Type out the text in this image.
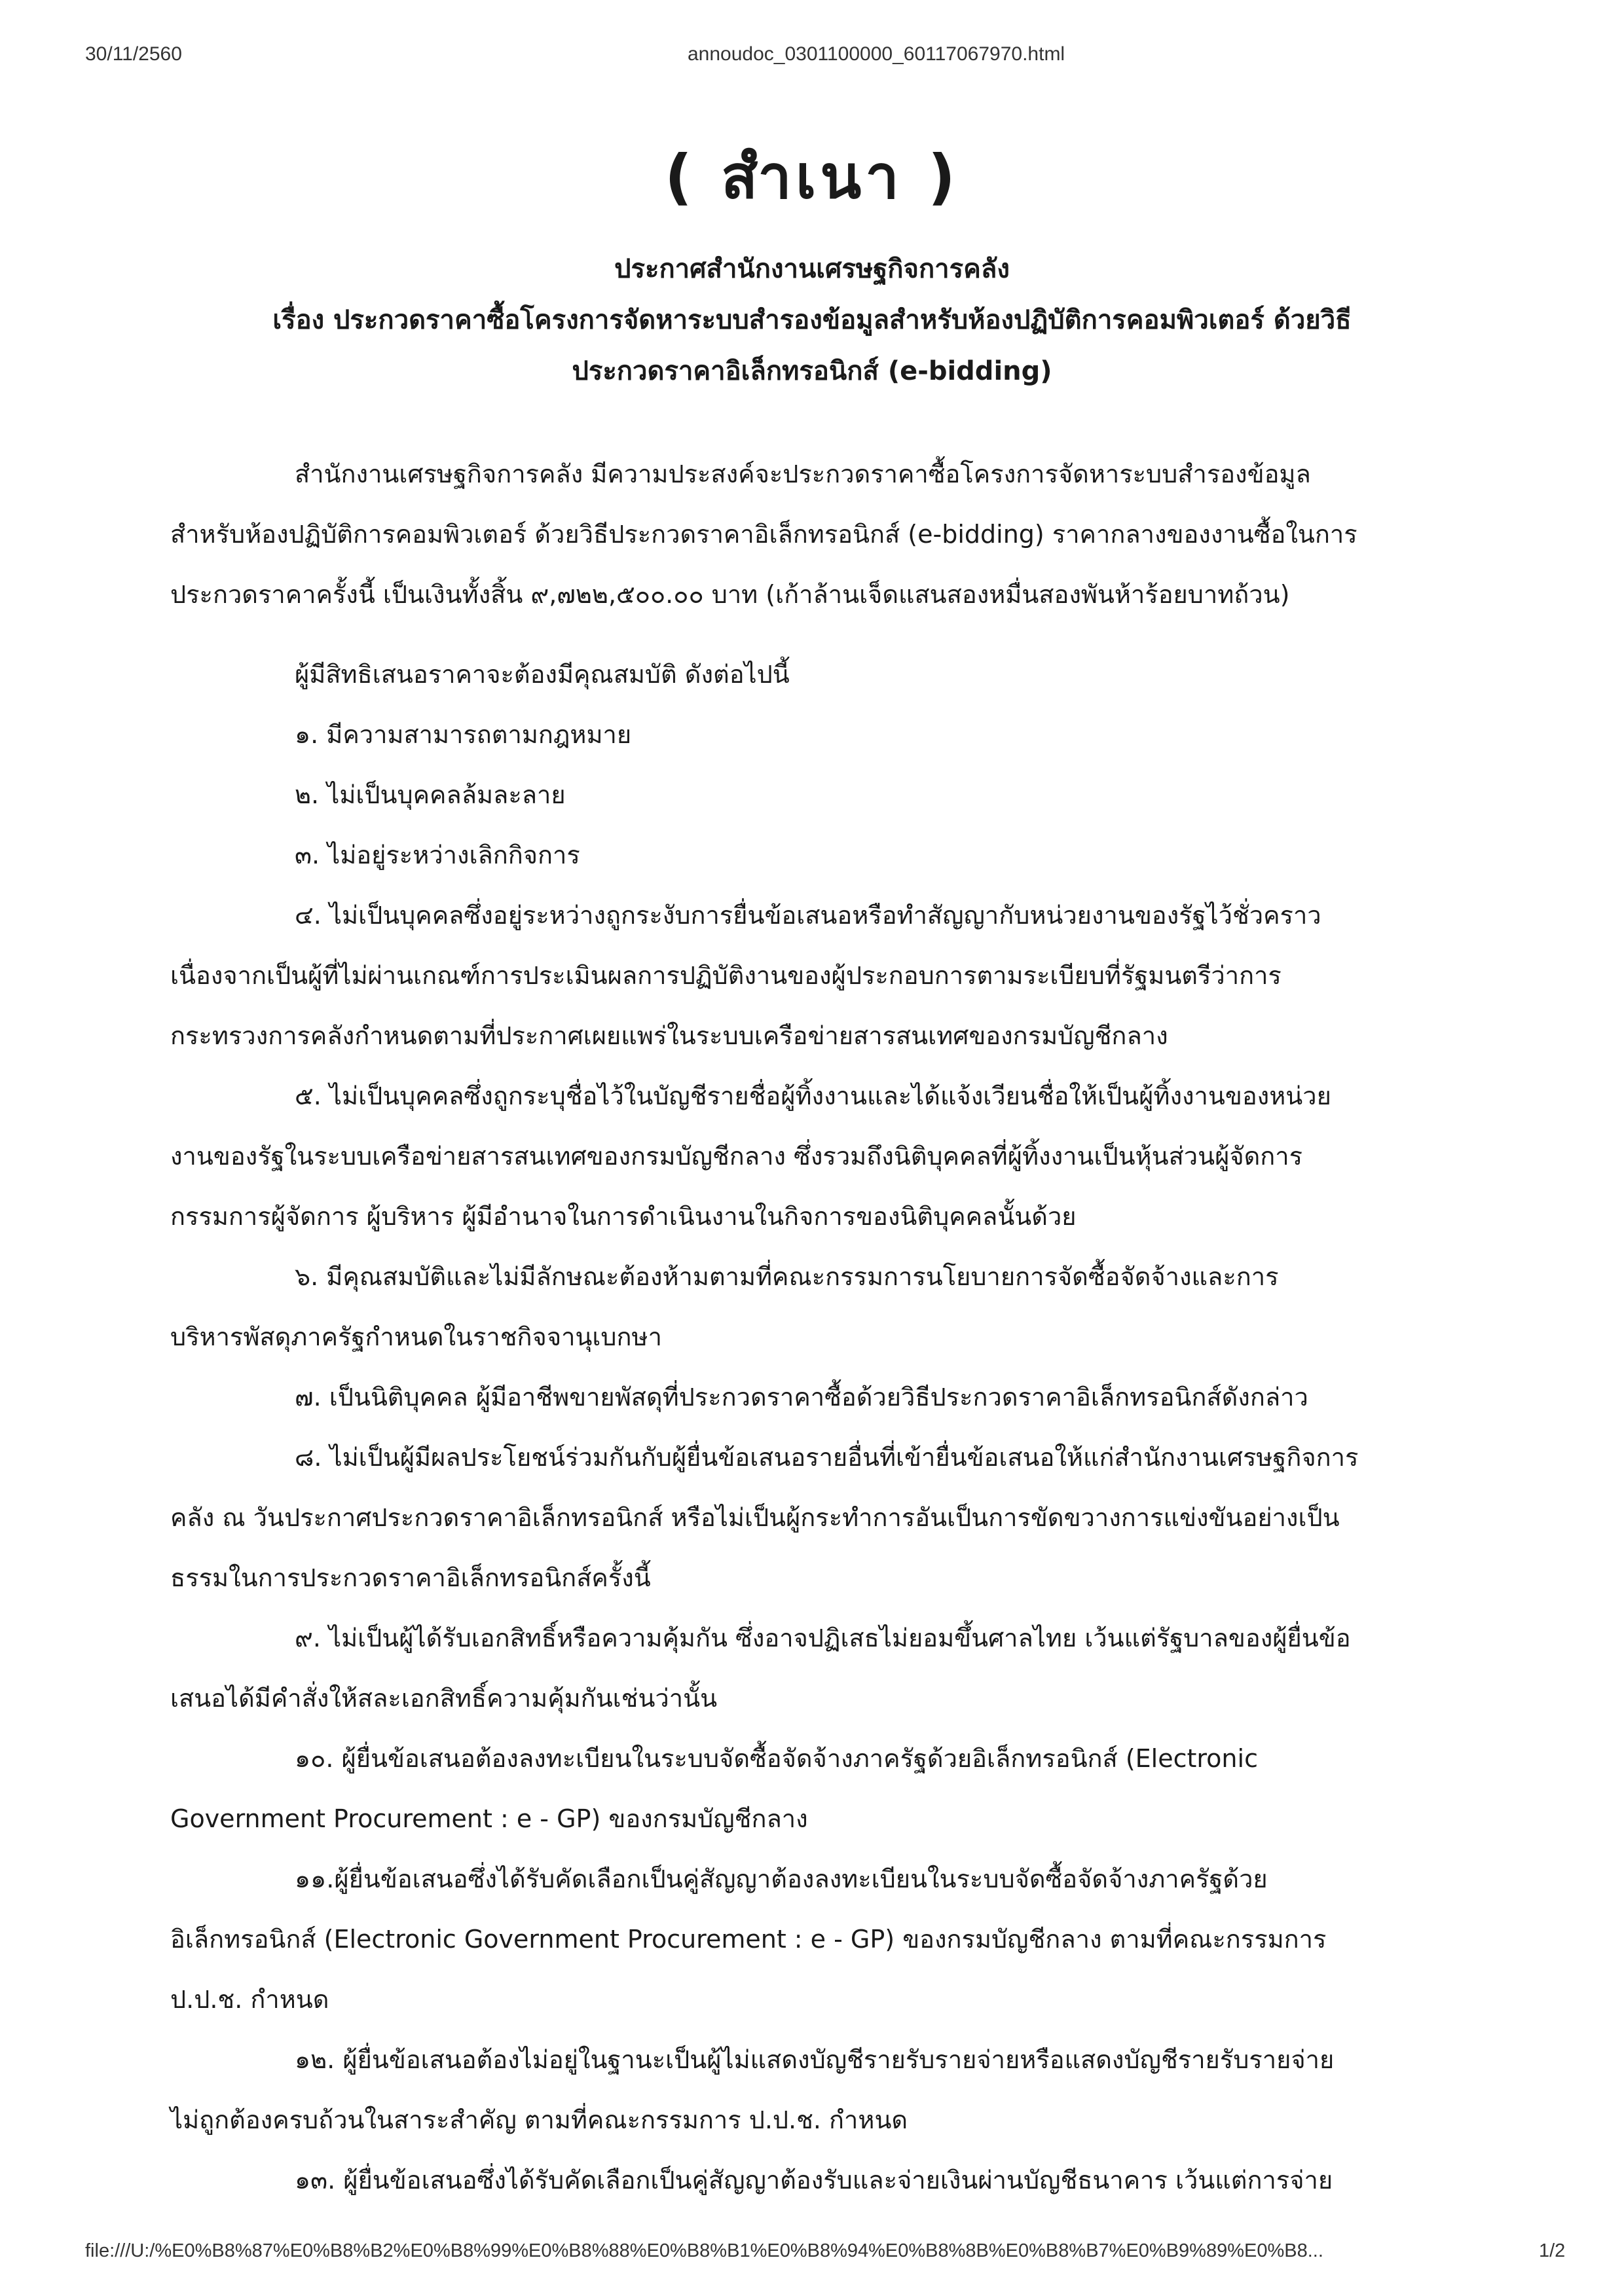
30/11/2560	annoudoc_0301100000_60117067970.html
( สำเนา )
ประกาศสำนักงานเศรษฐกิจการคลัง
เรื่อง ประกวดราคาซื้อโครงการจัดหาระบบสำรองข้อมูลสำหรับห้องปฏิบัติการคอมพิวเตอร์ ด้วยวิธี
ประกวดราคาอิเล็กทรอนิกส์ (e-bidding)
สำนักงานเศรษฐกิจการคลัง มีความประสงค์จะประกวดราคาซื้อโครงการจัดหาระบบสำรองข้อมูล
สำหรับห้องปฏิบัติการคอมพิวเตอร์ ด้วยวิธีประกวดราคาอิเล็กทรอนิกส์ (e-bidding) ราคากลางของงานซื้อในการ
ประกวดราคาครั้งนี้ เป็นเงินทั้งสิ้น ๙,๗๒๒,๕๐๐.๐๐ บาท (เก้าล้านเจ็ดแสนสองหมื่นสองพันห้าร้อยบาทถ้วน)
ผู้มีสิทธิเสนอราคาจะต้องมีคุณสมบัติ ดังต่อไปนี้
๑. มีความสามารถตามกฎหมาย
๒. ไม่เป็นบุคคลล้มละลาย
๓. ไม่อยู่ระหว่างเลิกกิจการ
๔. ไม่เป็นบุคคลซึ่งอยู่ระหว่างถูกระงับการยื่นข้อเสนอหรือทำสัญญากับหน่วยงานของรัฐไว้ชั่วคราว
เนื่องจากเป็นผู้ที่ไม่ผ่านเกณฑ์การประเมินผลการปฏิบัติงานของผู้ประกอบการตามระเบียบที่รัฐมนตรีว่าการ
กระทรวงการคลังกำหนดตามที่ประกาศเผยแพร่ในระบบเครือข่ายสารสนเทศของกรมบัญชีกลาง
๕. ไม่เป็นบุคคลซึ่งถูกระบุชื่อไว้ในบัญชีรายชื่อผู้ทิ้งงานและได้แจ้งเวียนชื่อให้เป็นผู้ทิ้งงานของหน่วย
งานของรัฐในระบบเครือข่ายสารสนเทศของกรมบัญชีกลาง ซึ่งรวมถึงนิติบุคคลที่ผู้ทิ้งงานเป็นหุ้นส่วนผู้จัดการ
กรรมการผู้จัดการ ผู้บริหาร ผู้มีอำนาจในการดำเนินงานในกิจการของนิติบุคคลนั้นด้วย
๖. มีคุณสมบัติและไม่มีลักษณะต้องห้ามตามที่คณะกรรมการนโยบายการจัดซื้อจัดจ้างและการ
บริหารพัสดุภาครัฐกำหนดในราชกิจจานุเบกษา
๗. เป็นนิติบุคคล ผู้มีอาชีพขายพัสดุที่ประกวดราคาซื้อด้วยวิธีประกวดราคาอิเล็กทรอนิกส์ดังกล่าว
๘. ไม่เป็นผู้มีผลประโยชน์ร่วมกันกับผู้ยื่นข้อเสนอรายอื่นที่เข้ายื่นข้อเสนอให้แก่สำนักงานเศรษฐกิจการ
คลัง ณ วันประกาศประกวดราคาอิเล็กทรอนิกส์ หรือไม่เป็นผู้กระทำการอันเป็นการขัดขวางการแข่งขันอย่างเป็น
ธรรมในการประกวดราคาอิเล็กทรอนิกส์ครั้งนี้
๙. ไม่เป็นผู้ได้รับเอกสิทธิ์หรือความคุ้มกัน ซึ่งอาจปฏิเสธไม่ยอมขึ้นศาลไทย เว้นแต่รัฐบาลของผู้ยื่นข้อ
เสนอได้มีคำสั่งให้สละเอกสิทธิ์ความคุ้มกันเช่นว่านั้น
๑๐. ผู้ยื่นข้อเสนอต้องลงทะเบียนในระบบจัดซื้อจัดจ้างภาครัฐด้วยอิเล็กทรอนิกส์ (Electronic
Government Procurement : e - GP) ของกรมบัญชีกลาง
๑๑.ผู้ยื่นข้อเสนอซึ่งได้รับคัดเลือกเป็นคู่สัญญาต้องลงทะเบียนในระบบจัดซื้อจัดจ้างภาครัฐด้วย
อิเล็กทรอนิกส์ (Electronic Government Procurement : e - GP) ของกรมบัญชีกลาง ตามที่คณะกรรมการ
ป.ป.ช. กำหนด
๑๒. ผู้ยื่นข้อเสนอต้องไม่อยู่ในฐานะเป็นผู้ไม่แสดงบัญชีรายรับรายจ่ายหรือแสดงบัญชีรายรับรายจ่าย
ไม่ถูกต้องครบถ้วนในสาระสำคัญ ตามที่คณะกรรมการ ป.ป.ช. กำหนด
๑๓. ผู้ยื่นข้อเสนอซึ่งได้รับคัดเลือกเป็นคู่สัญญาต้องรับและจ่ายเงินผ่านบัญชีธนาคาร เว้นแต่การจ่าย
file:///U:/%E0%B8%87%E0%B8%B2%E0%B8%99%E0%B8%88%E0%B8%B1%E0%B8%94%E0%B8%8B%E0%B8%B7%E0%B9%89%E0%B8...	1/2
